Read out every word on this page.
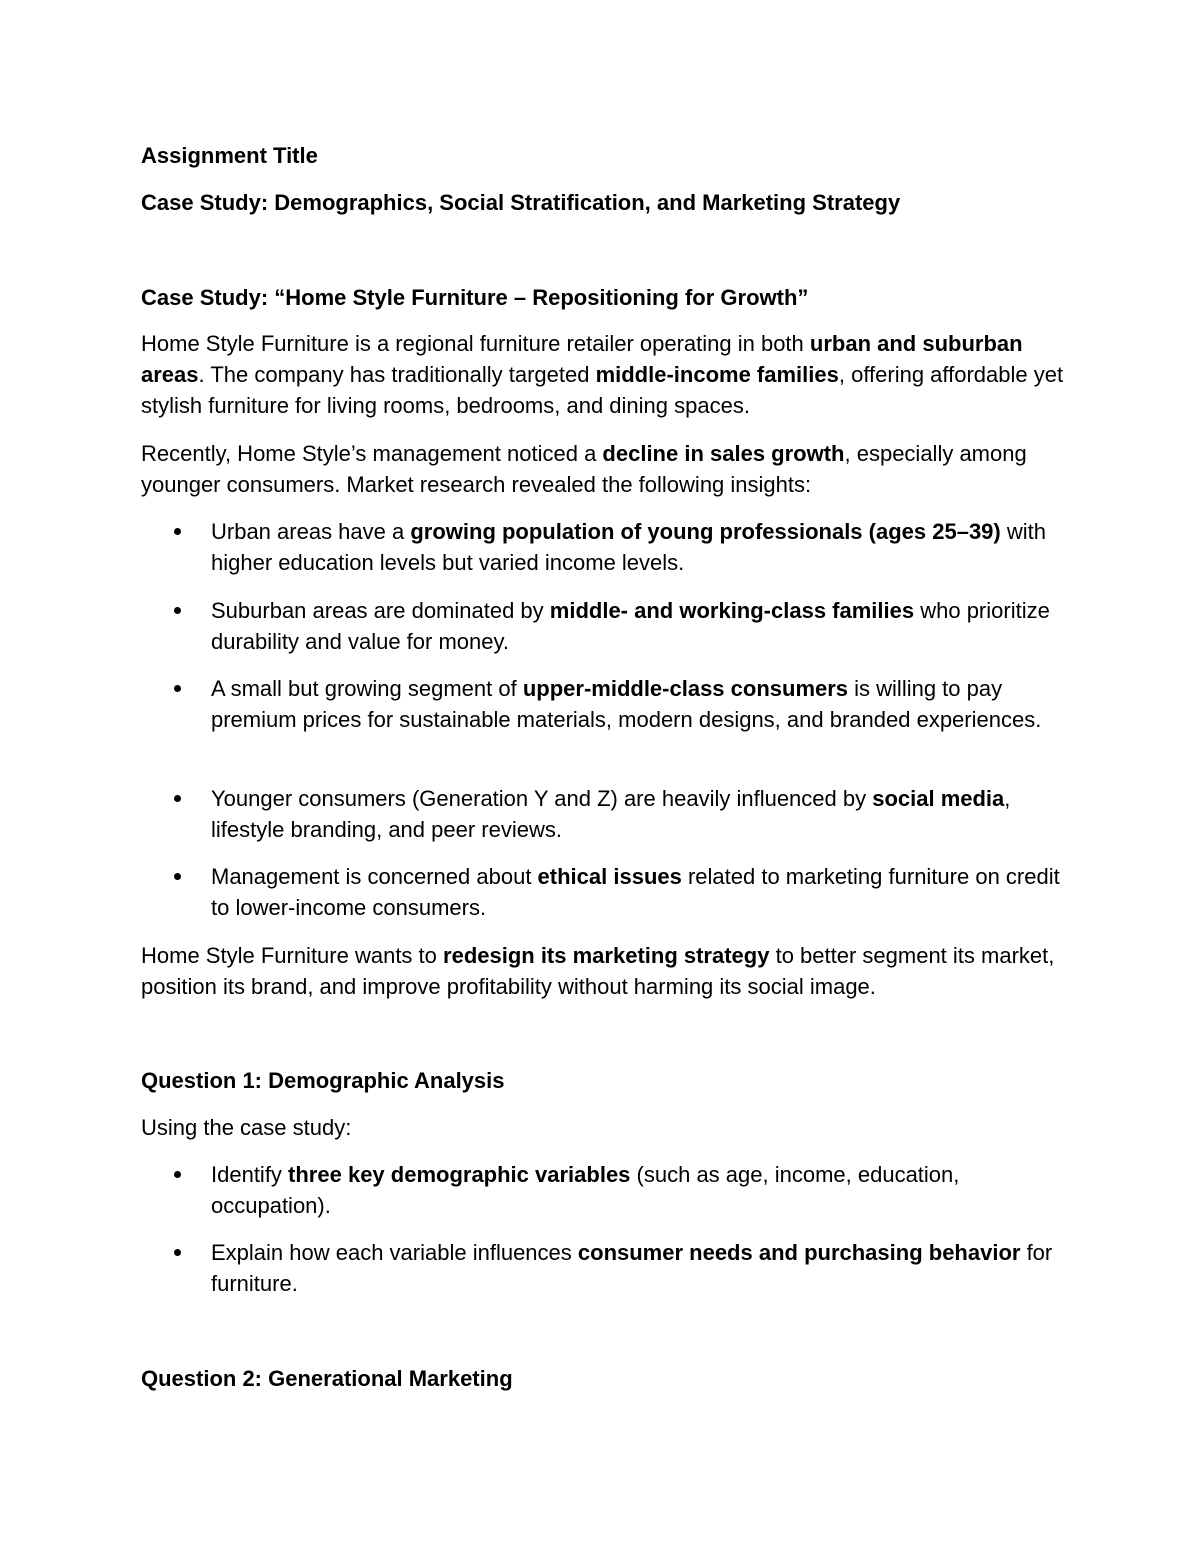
Assignment Title

Case Study: Demographics, Social Stratification, and Marketing Strategy

Case Study: “Home Style Furniture – Repositioning for Growth”

Home Style Furniture is a regional furniture retailer operating in both urban and suburban areas. The company has traditionally targeted middle-income families, offering affordable yet stylish furniture for living rooms, bedrooms, and dining spaces.

Recently, Home Style’s management noticed a decline in sales growth, especially among younger consumers. Market research revealed the following insights:

Urban areas have a growing population of young professionals (ages 25–39) with higher education levels but varied income levels.
Suburban areas are dominated by middle- and working-class families who prioritize durability and value for money.
A small but growing segment of upper-middle-class consumers is willing to pay premium prices for sustainable materials, modern designs, and branded experiences.
Younger consumers (Generation Y and Z) are heavily influenced by social media, lifestyle branding, and peer reviews.
Management is concerned about ethical issues related to marketing furniture on credit to lower-income consumers.

Home Style Furniture wants to redesign its marketing strategy to better segment its market, position its brand, and improve profitability without harming its social image.

Question 1: Demographic Analysis

Using the case study:

Identify three key demographic variables (such as age, income, education, occupation).
Explain how each variable influences consumer needs and purchasing behavior for furniture.

Question 2: Generational Marketing
